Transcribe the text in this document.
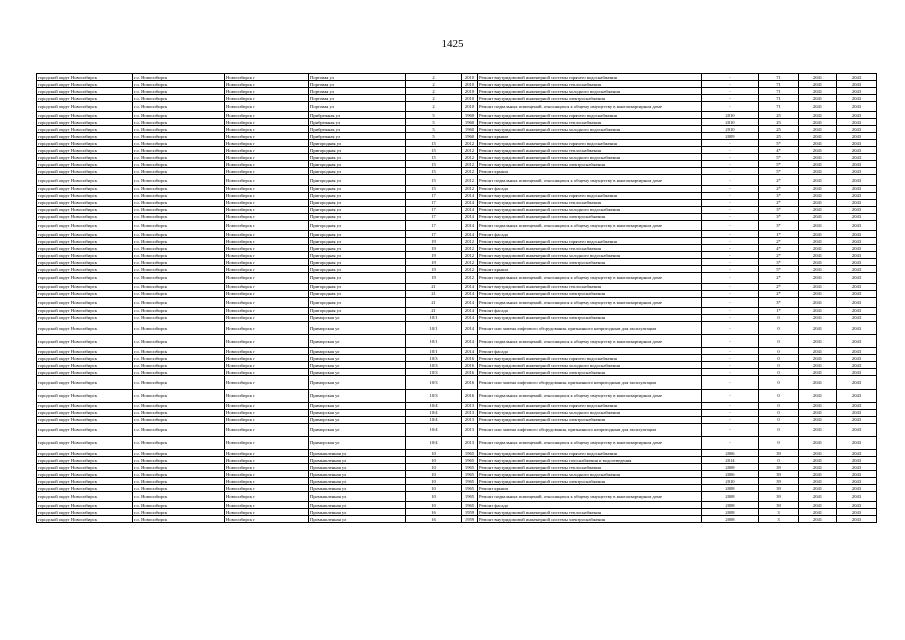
1425
городской округ Новосибирск	г.о. Новосибирск	Новосибирск г	Портовая ул	2	2010	Ремонт внутридомовой инженерной системы горячего водоснабжения	-	71	2041	2043
городской округ Новосибирск	г.о. Новосибирск	Новосибирск г	Портовая ул	2	2010	Ремонт внутридомовой инженерной системы теплоснабжения	-	71	2041	2043
городской округ Новосибирск	г.о. Новосибирск	Новосибирск г	Портовая ул	2	2010	Ремонт внутридомовой инженерной системы холодного водоснабжения	-	71	2041	2043
городской округ Новосибирск	г.о. Новосибирск	Новосибирск г	Портовая ул	2	2010	Ремонт внутридомовой инженерной системы электроснабжения	-	71	2041	2043
городской округ Новосибирск	г.о. Новосибирск	Новосибирск г	Портовая ул	2	2010	Ремонт подвальных помещений, относящихся к общему имуществу в многоквартирном доме	-	71	2041	2043
городской округ Новосибирск	г.о. Новосибирск	Новосибирск г	Прибрежная ул	5	1960	Ремонт внутридомовой инженерной системы горячего водоснабжения	2010	25	2041	2043
городской округ Новосибирск	г.о. Новосибирск	Новосибирск г	Прибрежная ул	5	1960	Ремонт внутридомовой инженерной системы теплоснабжения	2010	25	2041	2043
городской округ Новосибирск	г.о. Новосибирск	Новосибирск г	Прибрежная ул	5	1960	Ремонт внутридомовой инженерной системы холодного водоснабжения	2010	25	2041	2043
городской округ Новосибирск	г.о. Новосибирск	Новосибирск г	Прибрежная ул	5	1960	Ремонт крыши	2009	25	2041	2043
городской округ Новосибирск	г.о. Новосибирск	Новосибирск г	Пригородная ул	15	2012	Ремонт внутридомовой инженерной системы горячего водоснабжения	-	5*	2041	2043
городской округ Новосибирск	г.о. Новосибирск	Новосибирск г	Пригородная ул	15	2012	Ремонт внутридомовой инженерной системы теплоснабжения	-	4*	2041	2043
городской округ Новосибирск	г.о. Новосибирск	Новосибирск г	Пригородная ул	15	2012	Ремонт внутридомовой инженерной системы холодного водоснабжения	-	5*	2041	2043
городской округ Новосибирск	г.о. Новосибирск	Новосибирск г	Пригородная ул	15	2012	Ремонт внутридомовой инженерной системы электроснабжения	-	5*	2041	2043
городской округ Новосибирск	г.о. Новосибирск	Новосибирск г	Пригородная ул	15	2012	Ремонт крыши	-	5*	2041	2043
городской округ Новосибирск	г.о. Новосибирск	Новосибирск г	Пригородная ул	15	2012	Ремонт подвальных помещений, относящихся к общему имуществу в многоквартирном доме	-	2*	2041	2043
городской округ Новосибирск	г.о. Новосибирск	Новосибирск г	Пригородная ул	15	2012	Ремонт фасада	-	2*	2041	2043
городской округ Новосибирск	г.о. Новосибирск	Новосибирск г	Пригородная ул	17	2014	Ремонт внутридомовой инженерной системы горячего водоснабжения	-	3*	2041	2043
городской округ Новосибирск	г.о. Новосибирск	Новосибирск г	Пригородная ул	17	2014	Ремонт внутридомовой инженерной системы теплоснабжения	-	2*	2041	2043
городской округ Новосибирск	г.о. Новосибирск	Новосибирск г	Пригородная ул	17	2014	Ремонт внутридомовой инженерной системы холодного водоснабжения	-	3*	2041	2043
городской округ Новосибирск	г.о. Новосибирск	Новосибирск г	Пригородная ул	17	2014	Ремонт внутридомовой инженерной системы электроснабжения	-	3*	2041	2043
городской округ Новосибирск	г.о. Новосибирск	Новосибирск г	Пригородная ул	17	2014	Ремонт подвальных помещений, относящихся к общему имуществу в многоквартирном доме	-	3*	2041	2043
городской округ Новосибирск	г.о. Новосибирск	Новосибирск г	Пригородная ул	17	2014	Ремонт фасада	-	1*	2041	2043
городской округ Новосибирск	г.о. Новосибирск	Новосибирск г	Пригородная ул	19	2012	Ремонт внутридомовой инженерной системы горячего водоснабжения	-	2*	2041	2043
городской округ Новосибирск	г.о. Новосибирск	Новосибирск г	Пригородная ул	19	2012	Ремонт внутридомовой инженерной системы теплоснабжения	-	4*	2041	2043
городской округ Новосибирск	г.о. Новосибирск	Новосибирск г	Пригородная ул	19	2012	Ремонт внутридомовой инженерной системы холодного водоснабжения	-	2*	2041	2043
городской округ Новосибирск	г.о. Новосибирск	Новосибирск г	Пригородная ул	19	2012	Ремонт внутридомовой инженерной системы электроснабжения	-	3*	2041	2043
городской округ Новосибирск	г.о. Новосибирск	Новосибирск г	Пригородная ул	19	2012	Ремонт крыши	-	5*	2041	2043
городской округ Новосибирск	г.о. Новосибирск	Новосибирск г	Пригородная ул	19	2012	Ремонт подвальных помещений, относящихся к общему имуществу в многоквартирном доме	-	2*	2041	2043
городской округ Новосибирск	г.о. Новосибирск	Новосибирск г	Пригородная ул	21	2014	Ремонт внутридомовой инженерной системы теплоснабжения	-	2*	2041	2043
городской округ Новосибирск	г.о. Новосибирск	Новосибирск г	Пригородная ул	21	2014	Ремонт внутридомовой инженерной системы электроснабжения	-	2*	2041	2043
городской округ Новосибирск	г.о. Новосибирск	Новосибирск г	Пригородная ул	21	2014	Ремонт подвальных помещений, относящихся к общему имуществу в многоквартирном доме	-	3*	2041	2043
городской округ Новосибирск	г.о. Новосибирск	Новосибирск г	Пригородная ул	21	2014	Ремонт фасада	-	1*	2041	2043
городской округ Новосибирск	г.о. Новосибирск	Новосибирск г	Приморская ул	10/1	2014	Ремонт внутридомовой инженерной системы электроснабжения	-	0	2041	2043
городской округ Новосибирск	г.о. Новосибирск	Новосибирск г	Приморская ул	10/1	2014	Ремонт или замена лифтового оборудования, признанного непригодным для эксплуатации	-	0	2041	2043
городской округ Новосибирск	г.о. Новосибирск	Новосибирск г	Приморская ул	10/1	2014	Ремонт подвальных помещений, относящихся к общему имуществу в многоквартирном доме	-	0	2041	2043
городской округ Новосибирск	г.о. Новосибирск	Новосибирск г	Приморская ул	10/1	2014	Ремонт фасада	-	0	2041	2043
городской округ Новосибирск	г.о. Новосибирск	Новосибирск г	Приморская ул	10/3	2016	Ремонт внутридомовой инженерной системы горячего водоснабжения	-	0	2041	2043
городской округ Новосибирск	г.о. Новосибирск	Новосибирск г	Приморская ул	10/3	2016	Ремонт внутридомовой инженерной системы холодного водоснабжения	-	0	2041	2043
городской округ Новосибирск	г.о. Новосибирск	Новосибирск г	Приморская ул	10/3	2016	Ремонт внутридомовой инженерной системы электроснабжения	-	0	2041	2043
городской округ Новосибирск	г.о. Новосибирск	Новосибирск г	Приморская ул	10/3	2016	Ремонт или замена лифтового оборудования, признанного непригодным для эксплуатации	-	0	2041	2043
городской округ Новосибирск	г.о. Новосибирск	Новосибирск г	Приморская ул	10/3	2016	Ремонт подвальных помещений, относящихся к общему имуществу в многоквартирном доме	-	0	2041	2043
городской округ Новосибирск	г.о. Новосибирск	Новосибирск г	Приморская ул	10/4	2013	Ремонт внутридомовой инженерной системы горячего водоснабжения	-	0	2041	2043
городской округ Новосибирск	г.о. Новосибирск	Новосибирск г	Приморская ул	10/4	2013	Ремонт внутридомовой инженерной системы холодного водоснабжения	-	0	2041	2043
городской округ Новосибирск	г.о. Новосибирск	Новосибирск г	Приморская ул	10/4	2013	Ремонт внутридомовой инженерной системы электроснабжения	-	0	2041	2043
городской округ Новосибирск	г.о. Новосибирск	Новосибирск г	Приморская ул	10/4	2013	Ремонт или замена лифтового оборудования, признанного непригодным для эксплуатации	-	0	2041	2043
городской округ Новосибирск	г.о. Новосибирск	Новосибирск г	Приморская ул	10/4	2013	Ремонт подвальных помещений, относящихся к общему имуществу в многоквартирном доме	-	0	2041	2043
городской округ Новосибирск	г.о. Новосибирск	Новосибирск г	Промышленная ул	10	1965	Ремонт внутридомовой инженерной системы горячего водоснабжения	2006	39	2041	2043
городской округ Новосибирск	г.о. Новосибирск	Новосибирск г	Промышленная ул	10	1965	Ремонт внутридомовой инженерной системы газоснабжения и водоотведения	2014	0	2041	2043
городской округ Новосибирск	г.о. Новосибирск	Новосибирск г	Промышленная ул	10	1965	Ремонт внутридомовой инженерной системы теплоснабжения	2008	39	2041	2043
городской округ Новосибирск	г.о. Новосибирск	Новосибирск г	Промышленная ул	10	1965	Ремонт внутридомовой инженерной системы холодного водоснабжения	2006	39	2041	2043
городской округ Новосибирск	г.о. Новосибирск	Новосибирск г	Промышленная ул	10	1965	Ремонт внутридомовой инженерной системы электроснабжения	2010	39	2041	2043
городской округ Новосибирск	г.о. Новосибирск	Новосибирск г	Промышленная ул	10	1965	Ремонт крыши	2008	39	2041	2043
городской округ Новосибирск	г.о. Новосибирск	Новосибирск г	Промышленная ул	10	1965	Ремонт подвальных помещений, относящихся к общему имуществу в многоквартирном доме	2008	39	2041	2043
городской округ Новосибирск	г.о. Новосибирск	Новосибирск г	Промышленная ул	10	1965	Ремонт фасада	2008	39	2041	2043
городской округ Новосибирск	г.о. Новосибирск	Новосибирск г	Промышленная ул	16	1959	Ремонт внутридомовой инженерной системы теплоснабжения	2008	3	2041	2043
городской округ Новосибирск	г.о. Новосибирск	Новосибирск г	Промышленная ул	16	1959	Ремонт внутридомовой инженерной системы электроснабжения	2008	3	2041	2043
